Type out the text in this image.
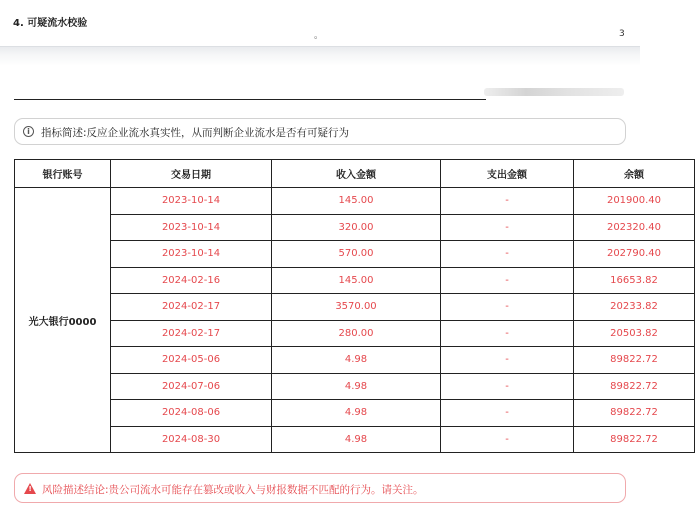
4. 可疑流水校验
。	3
i	指标简述:反应企业流水真实性，从而判断企业流水是否有可疑行为
银行账号	交易日期	收入金额	支出金额	余额
光大银行0000	2023-10-14	145.00	-	201900.40
	2023-10-14	320.00	-	202320.40
	2023-10-14	570.00	-	202790.40
	2024-02-16	145.00	-	16653.82
	2024-02-17	3570.00	-	20233.82
	2024-02-17	280.00	-	20503.82
	2024-05-06	4.98	-	89822.72
	2024-07-06	4.98	-	89822.72
	2024-08-06	4.98	-	89822.72
	2024-08-30	4.98	-	89822.72
! 风险描述结论:贵公司流水可能存在篡改或收入与财报数据不匹配的行为。请关注。
